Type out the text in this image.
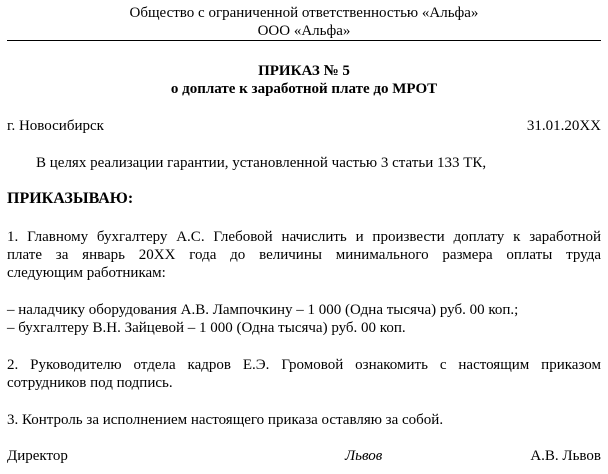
Общество с ограниченной ответственностью «Альфа»
ООО «Альфа»
ПРИКАЗ № 5
о доплате к заработной плате до МРОТ
г. Новосибирск	31.01.20ХХ
В целях реализации гарантии, установленной частью 3 статьи 133 ТК,
ПРИКАЗЫВАЮ:
1. Главному бухгалтеру А.С. Глебовой начислить и произвести доплату к заработной
плате за январь 20ХХ года до величины минимального размера оплаты труда
следующим работникам:
– наладчику оборудования А.В. Лампочкину – 1 000 (Одна тысяча) руб. 00 коп.;
– бухгалтеру В.Н. Зайцевой – 1 000 (Одна тысяча) руб. 00 коп.
2. Руководителю отдела кадров Е.Э. Громовой ознакомить с настоящим приказом
сотрудников под подпись.
3. Контроль за исполнением настоящего приказа оставляю за собой.
Директор	Львов	А.В. Львов
